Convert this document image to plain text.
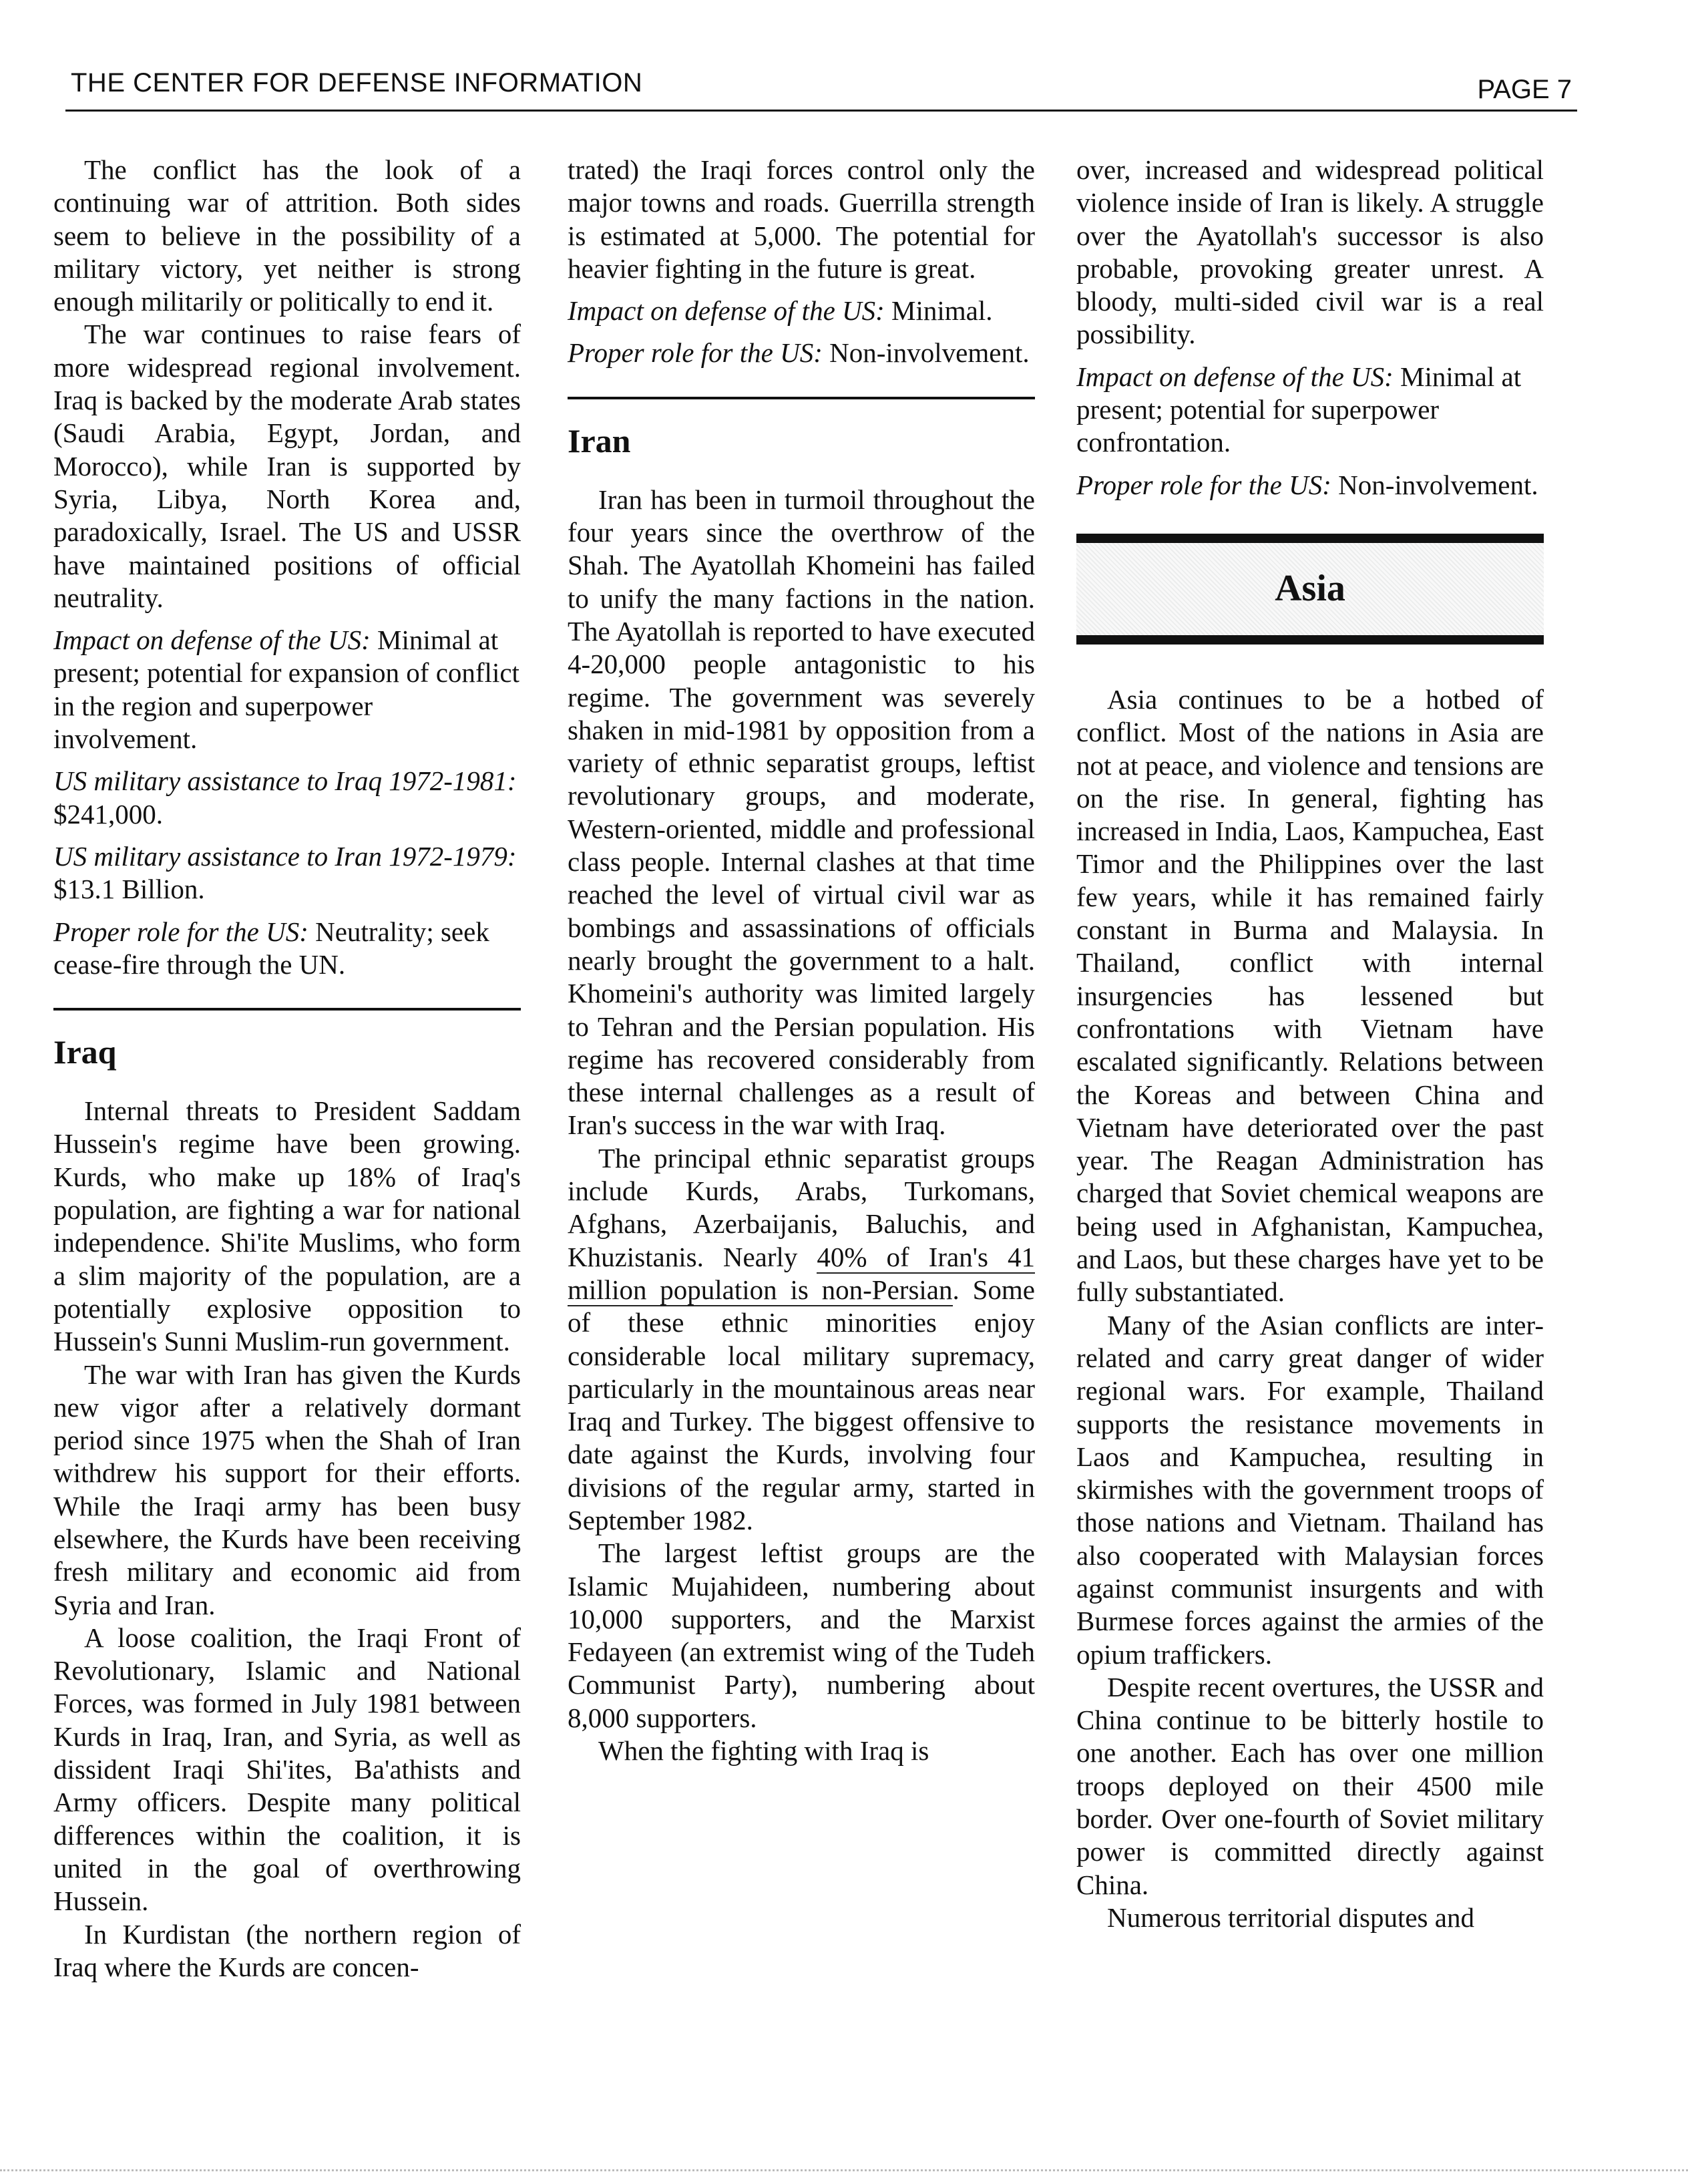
THE CENTER FOR DEFENSE INFORMATION	PAGE 7

The conflict has the look of a continuing war of attrition. Both sides seem to believe in the possibility of a military victory, yet neither is strong enough militarily or politically to end it.

The war continues to raise fears of more widespread regional involvement. Iraq is backed by the moderate Arab states (Saudi Arabia, Egypt, Jordan, and Morocco), while Iran is supported by Syria, Libya, North Korea and, paradoxically, Israel. The US and USSR have maintained positions of official neutrality.

Impact on defense of the US: Minimal at present; potential for expansion of conflict in the region and superpower involvement.

US military assistance to Iraq 1972-1981: $241,000.

US military assistance to Iran 1972-1979: $13.1 Billion.

Proper role for the US: Neutrality; seek cease-fire through the UN.

Iraq

Internal threats to President Saddam Hussein's regime have been growing. Kurds, who make up 18% of Iraq's population, are fighting a war for national independence. Shi'ite Muslims, who form a slim majority of the population, are a potentially explosive opposition to Hussein's Sunni Muslim-run government.

The war with Iran has given the Kurds new vigor after a relatively dormant period since 1975 when the Shah of Iran withdrew his support for their efforts. While the Iraqi army has been busy elsewhere, the Kurds have been receiving fresh military and economic aid from Syria and Iran.

A loose coalition, the Iraqi Front of Revolutionary, Islamic and National Forces, was formed in July 1981 between Kurds in Iraq, Iran, and Syria, as well as dissident Iraqi Shi'ites, Ba'athists and Army officers. Despite many political differences within the coalition, it is united in the goal of overthrowing Hussein.

In Kurdistan (the northern region of Iraq where the Kurds are concen-

trated) the Iraqi forces control only the major towns and roads. Guerrilla strength is estimated at 5,000. The potential for heavier fighting in the future is great.

Impact on defense of the US: Minimal.

Proper role for the US: Non-involvement.

Iran

Iran has been in turmoil throughout the four years since the overthrow of the Shah. The Ayatollah Khomeini has failed to unify the many factions in the nation. The Ayatollah is reported to have executed 4-20,000 people antagonistic to his regime. The government was severely shaken in mid-1981 by opposition from a variety of ethnic separatist groups, leftist revolutionary groups, and moderate, Western-oriented, middle and professional class people. Internal clashes at that time reached the level of virtual civil war as bombings and assassinations of officials nearly brought the government to a halt. Khomeini's authority was limited largely to Tehran and the Persian population. His regime has recovered considerably from these internal challenges as a result of Iran's success in the war with Iraq.

The principal ethnic separatist groups include Kurds, Arabs, Turkomans, Afghans, Azerbaijanis, Baluchis, and Khuzistanis. Nearly 40% of Iran's 41 million population is non-Persian. Some of these ethnic minorities enjoy considerable local military supremacy, particularly in the mountainous areas near Iraq and Turkey. The biggest offensive to date against the Kurds, involving four divisions of the regular army, started in September 1982.

The largest leftist groups are the Islamic Mujahideen, numbering about 10,000 supporters, and the Marxist Fedayeen (an extremist wing of the Tudeh Communist Party), numbering about 8,000 supporters.

When the fighting with Iraq is

over, increased and widespread political violence inside of Iran is likely. A struggle over the Ayatollah's successor is also probable, provoking greater unrest. A bloody, multi-sided civil war is a real possibility.

Impact on defense of the US: Minimal at present; potential for superpower confrontation.

Proper role for the US: Non-involvement.

Asia

Asia continues to be a hotbed of conflict. Most of the nations in Asia are not at peace, and violence and tensions are on the rise. In general, fighting has increased in India, Laos, Kampuchea, East Timor and the Philippines over the last few years, while it has remained fairly constant in Burma and Malaysia. In Thailand, conflict with internal insurgencies has lessened but confrontations with Vietnam have escalated significantly. Relations between the Koreas and between China and Vietnam have deteriorated over the past year. The Reagan Administration has charged that Soviet chemical weapons are being used in Afghanistan, Kampuchea, and Laos, but these charges have yet to be fully substantiated.

Many of the Asian conflicts are inter-related and carry great danger of wider regional wars. For example, Thailand supports the resistance movements in Laos and Kampuchea, resulting in skirmishes with the government troops of those nations and Vietnam. Thailand has also cooperated with Malaysian forces against communist insurgents and with Burmese forces against the armies of the opium traffickers.

Despite recent overtures, the USSR and China continue to be bitterly hostile to one another. Each has over one million troops deployed on their 4500 mile border. Over one-fourth of Soviet military power is committed directly against China.

Numerous territorial disputes and
